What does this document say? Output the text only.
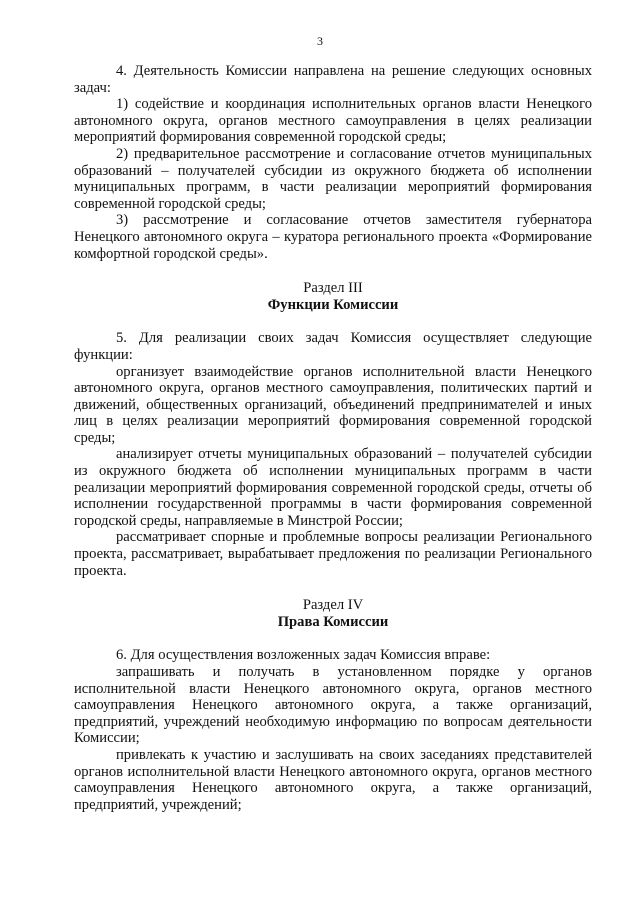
3

4. Деятельность Комиссии направлена на решение следующих основных задач:

1) содействие и координация исполнительных органов власти Ненецкого автономного округа, органов местного самоуправления в целях реализации мероприятий формирования современной городской среды;

2) предварительное рассмотрение и согласование отчетов муниципальных образований – получателей субсидии из окружного бюджета об исполнении муниципальных программ, в части реализации мероприятий формирования современной городской среды;

3) рассмотрение и согласование отчетов заместителя губернатора Ненецкого автономного округа – куратора регионального проекта «Формирование комфортной городской среды».

Раздел III
Функции Комиссии

5. Для реализации своих задач Комиссия осуществляет следующие функции:

организует взаимодействие органов исполнительной власти Ненецкого автономного округа, органов местного самоуправления, политических партий и движений, общественных организаций, объединений предпринимателей и иных лиц в целях реализации мероприятий формирования современной городской среды;

анализирует отчеты муниципальных образований – получателей субсидии из окружного бюджета об исполнении муниципальных программ в части реализации мероприятий формирования современной городской среды, отчеты об исполнении государственной программы в части формирования современной городской среды, направляемые в Минстрой России;

рассматривает спорные и проблемные вопросы реализации Регионального проекта, рассматривает, вырабатывает предложения по реализации Регионального проекта.

Раздел IV
Права Комиссии

6. Для осуществления возложенных задач Комиссия вправе:

запрашивать и получать в установленном порядке у органов исполнительной власти Ненецкого автономного округа, органов местного самоуправления Ненецкого автономного округа, а также организаций, предприятий, учреждений необходимую информацию по вопросам деятельности Комиссии;

привлекать к участию и заслушивать на своих заседаниях представителей органов исполнительной власти Ненецкого автономного округа, органов местного самоуправления Ненецкого автономного округа, а также организаций, предприятий, учреждений;
